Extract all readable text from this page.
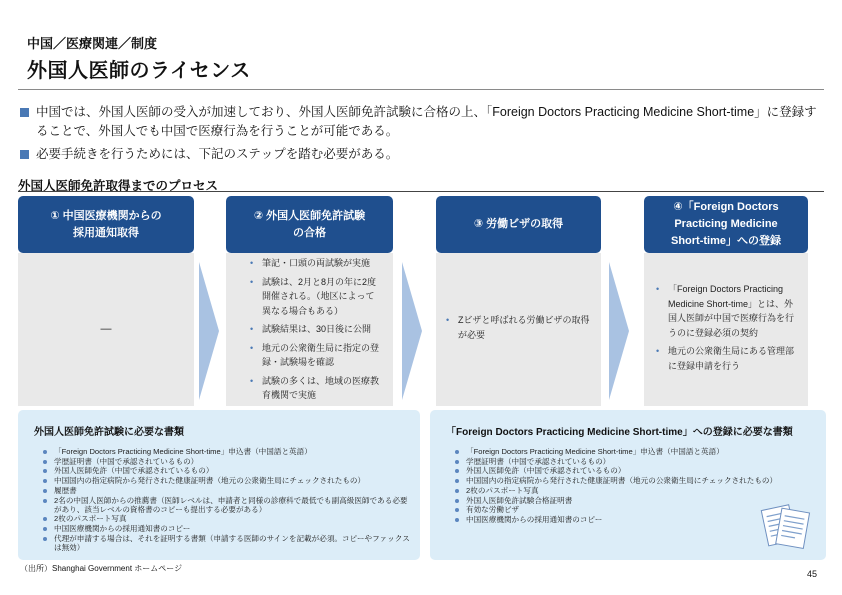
中国／医療関連／制度
外国人医師のライセンス
中国では、外国人医師の受入が加速しており、外国人医師免許試験に合格の上、「Foreign Doctors Practicing Medicine Short-time」に登録することで、外国人でも中国で医療行為を行うことが可能である。
必要手続きを行うためには、下記のステップを踏む必要がある。
外国人医師免許取得までのプロセス
① 中国医療機関からの
採用通知取得
—
② 外国人医師免許試験
の合格
• 筆記・口頭の両試験が実施
• 試験は、2月と8月の年に2度開催される。（地区によって異なる場合もある）
• 試験結果は、30日後に公開
• 地元の公衆衛生局に指定の登録・試験場を確認
• 試験の多くは、地域の医療教育機関で実施
③ 労働ビザの取得
• Zビザと呼ばれる労働ビザの取得が必要
④「Foreign Doctors
Practicing Medicine
Short-time」への登録
• 「Foreign Doctors Practicing Medicine Short-time」とは、外国人医師が中国で医療行為を行うのに登録必須の契約
• 地元の公衆衛生局にある管理部に登録申請を行う
外国人医師免許試験に必要な書類
「Foreign Doctors Practicing Medicine Short-time」申込書（中国語と英語）
学歴証明書（中国で承認されているもの）
外国人医師免許（中国で承認されているもの）
中国国内の指定病院から発行された健康証明書（地元の公衆衛生局にチェックされたもの）
履歴書
2名の中国人医師からの推薦書（医師レベルは、申請者と同様の診療科で最低でも副高級医師である必要があり、該当レベルの資格書のコピーも提出する必要がある）
2枚のパスポート写真
中国医療機関からの採用通知書のコピー
代理が申請する場合は、それを証明する書類（申請する医師のサインを記載が必須。コピーやファックスは無効）
「Foreign Doctors Practicing Medicine Short-time」への登録に必要な書類
「Foreign Doctors Practicing Medicine Short-time」申込書（中国語と英語）
学歴証明書（中国で承認されているもの）
外国人医師免許（中国で承認されているもの）
中国国内の指定病院から発行された健康証明書（地元の公衆衛生局にチェックされたもの）
2枚のパスポート写真
外国人医師免許試験合格証明書
有効な労働ビザ
中国医療機関からの採用通知書のコピー
（出所）Shanghai Government ホームページ
45
